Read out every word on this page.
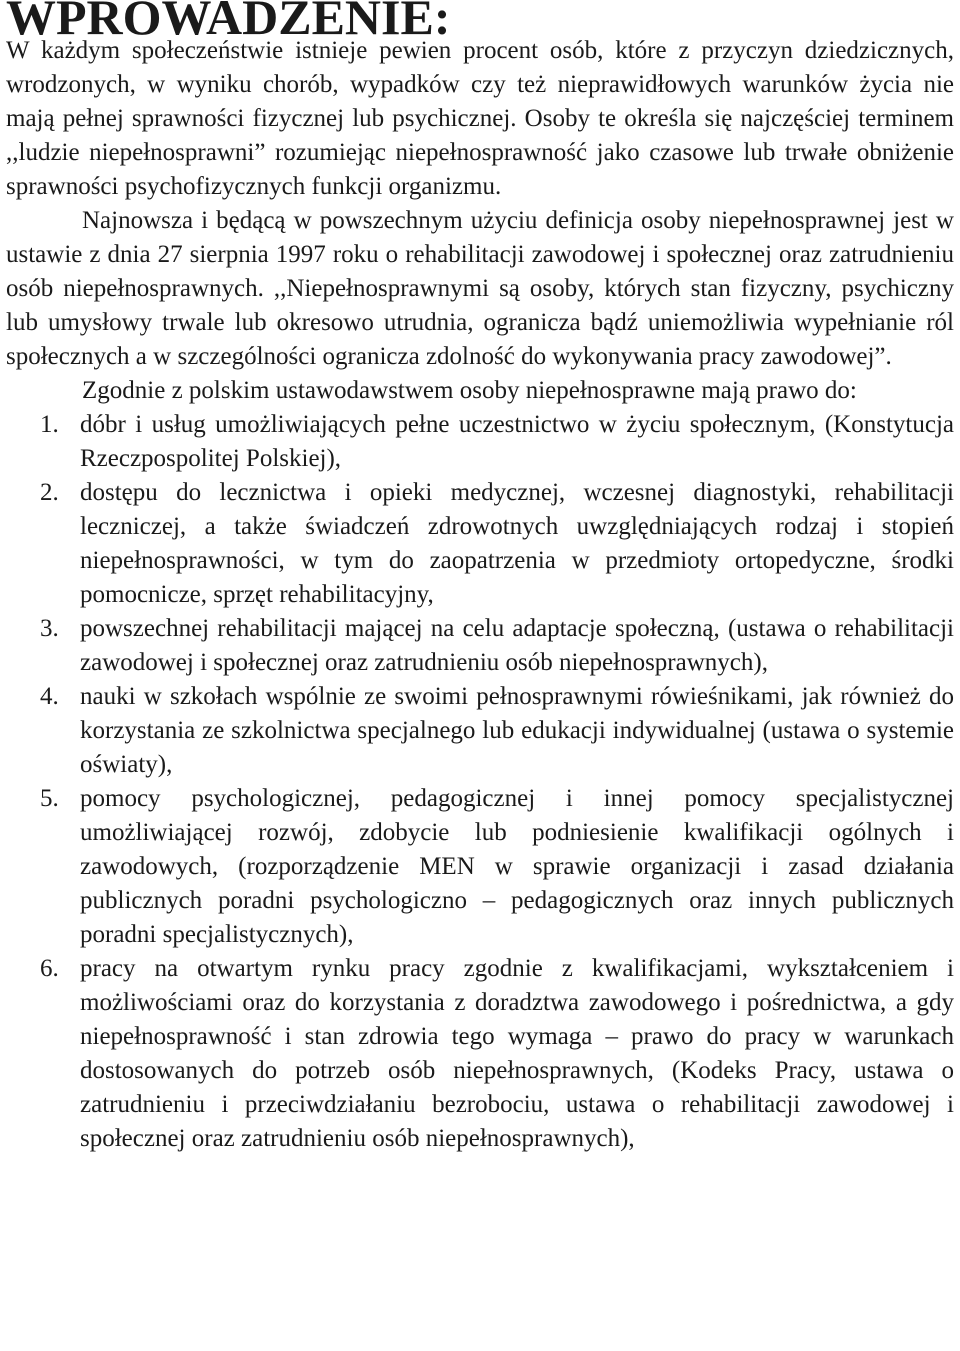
WPROWADZENIE:

W każdym społeczeństwie istnieje pewien procent osób, które z przyczyn dziedzicznych, wrodzonych, w wyniku chorób, wypadków czy też nieprawidłowych warunków życia nie mają pełnej sprawności fizycznej lub psychicznej. Osoby te określa się najczęściej terminem ,,ludzie niepełnosprawni” rozumiejąc niepełnosprawność jako czasowe lub trwałe obniżenie sprawności psychofizycznych funkcji organizmu.

Najnowsza i będącą w powszechnym użyciu definicja osoby niepełnosprawnej jest w ustawie z dnia 27 sierpnia 1997 roku o rehabilitacji zawodowej i społecznej oraz zatrudnieniu osób niepełnosprawnych. ,,Niepełnosprawnymi są osoby, których stan fizyczny, psychiczny lub umysłowy trwale lub okresowo utrudnia, ogranicza bądź uniemożliwia wypełnianie ról społecznych a w szczególności ogranicza zdolność do wykonywania pracy zawodowej”.

Zgodnie z polskim ustawodawstwem osoby niepełnosprawne mają prawo do:

1. dóbr i usług umożliwiających pełne uczestnictwo w życiu społecznym, (Konstytucja Rzeczpospolitej Polskiej),
2. dostępu do lecznictwa i opieki medycznej, wczesnej diagnostyki, rehabilitacji leczniczej, a także świadczeń zdrowotnych uwzględniających rodzaj i stopień niepełnosprawności, w tym do zaopatrzenia w przedmioty ortopedyczne, środki pomocnicze, sprzęt rehabilitacyjny,
3. powszechnej rehabilitacji mającej na celu adaptacje społeczną, (ustawa o rehabilitacji zawodowej i społecznej oraz zatrudnieniu osób niepełnosprawnych),
4. nauki w szkołach wspólnie ze swoimi pełnosprawnymi rówieśnikami, jak również do korzystania ze szkolnictwa specjalnego lub edukacji indywidualnej (ustawa o systemie oświaty),
5. pomocy psychologicznej, pedagogicznej i innej pomocy specjalistycznej umożliwiającej rozwój, zdobycie lub podniesienie kwalifikacji ogólnych i zawodowych, (rozporządzenie MEN w sprawie organizacji i zasad działania publicznych poradni psychologiczno – pedagogicznych oraz innych publicznych poradni specjalistycznych),
6. pracy na otwartym rynku pracy zgodnie z kwalifikacjami, wykształceniem i możliwościami oraz do korzystania z doradztwa zawodowego i pośrednictwa, a gdy niepełnosprawność i stan zdrowia tego wymaga – prawo do pracy w warunkach dostosowanych do potrzeb osób niepełnosprawnych, (Kodeks Pracy, ustawa o zatrudnieniu i przeciwdziałaniu bezrobociu, ustawa o rehabilitacji zawodowej i społecznej oraz zatrudnieniu osób niepełnosprawnych),
